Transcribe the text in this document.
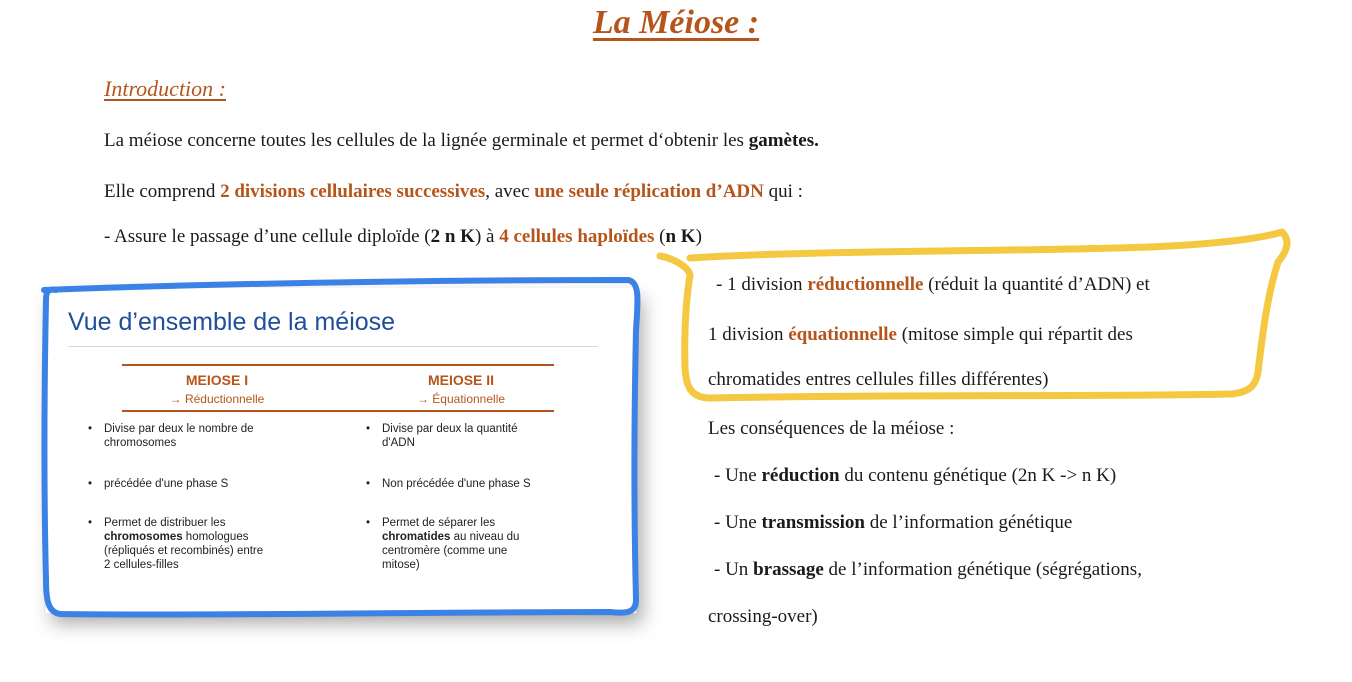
La Méiose :
Introduction :
La méiose concerne toutes les cellules de la lignée germinale et permet d‘obtenir les gamètes.
Elle comprend 2 divisions cellulaires successives, avec une seule réplication d’ADN qui :
- Assure le passage d’une cellule diploïde (2 n K) à 4 cellules haploïdes (n K)
- 1 division réductionnelle (réduit la quantité d’ADN) et
1 division équationnelle (mitose simple qui répartit des
chromatides entres cellules filles différentes)
Les conséquences de la méiose :
- Une réduction du contenu génétique (2n K -> n K)
- Une transmission de l’information génétique
- Un brassage de l’information génétique (ségrégations,
crossing-over)
Vue d’ensemble de la méiose
MEIOSE I
→ Réductionnelle
MEIOSE II
→ Équationnelle
• Divise par deux le nombre de
chromosomes
• précédée d'une phase S
• Permet de distribuer les
chromosomes homologues
(répliqués et recombinés) entre
2 cellules-filles
• Divise par deux la quantité
d'ADN
• Non précédée d'une phase S
• Permet de séparer les
chromatides au niveau du
centromère (comme une
mitose)
